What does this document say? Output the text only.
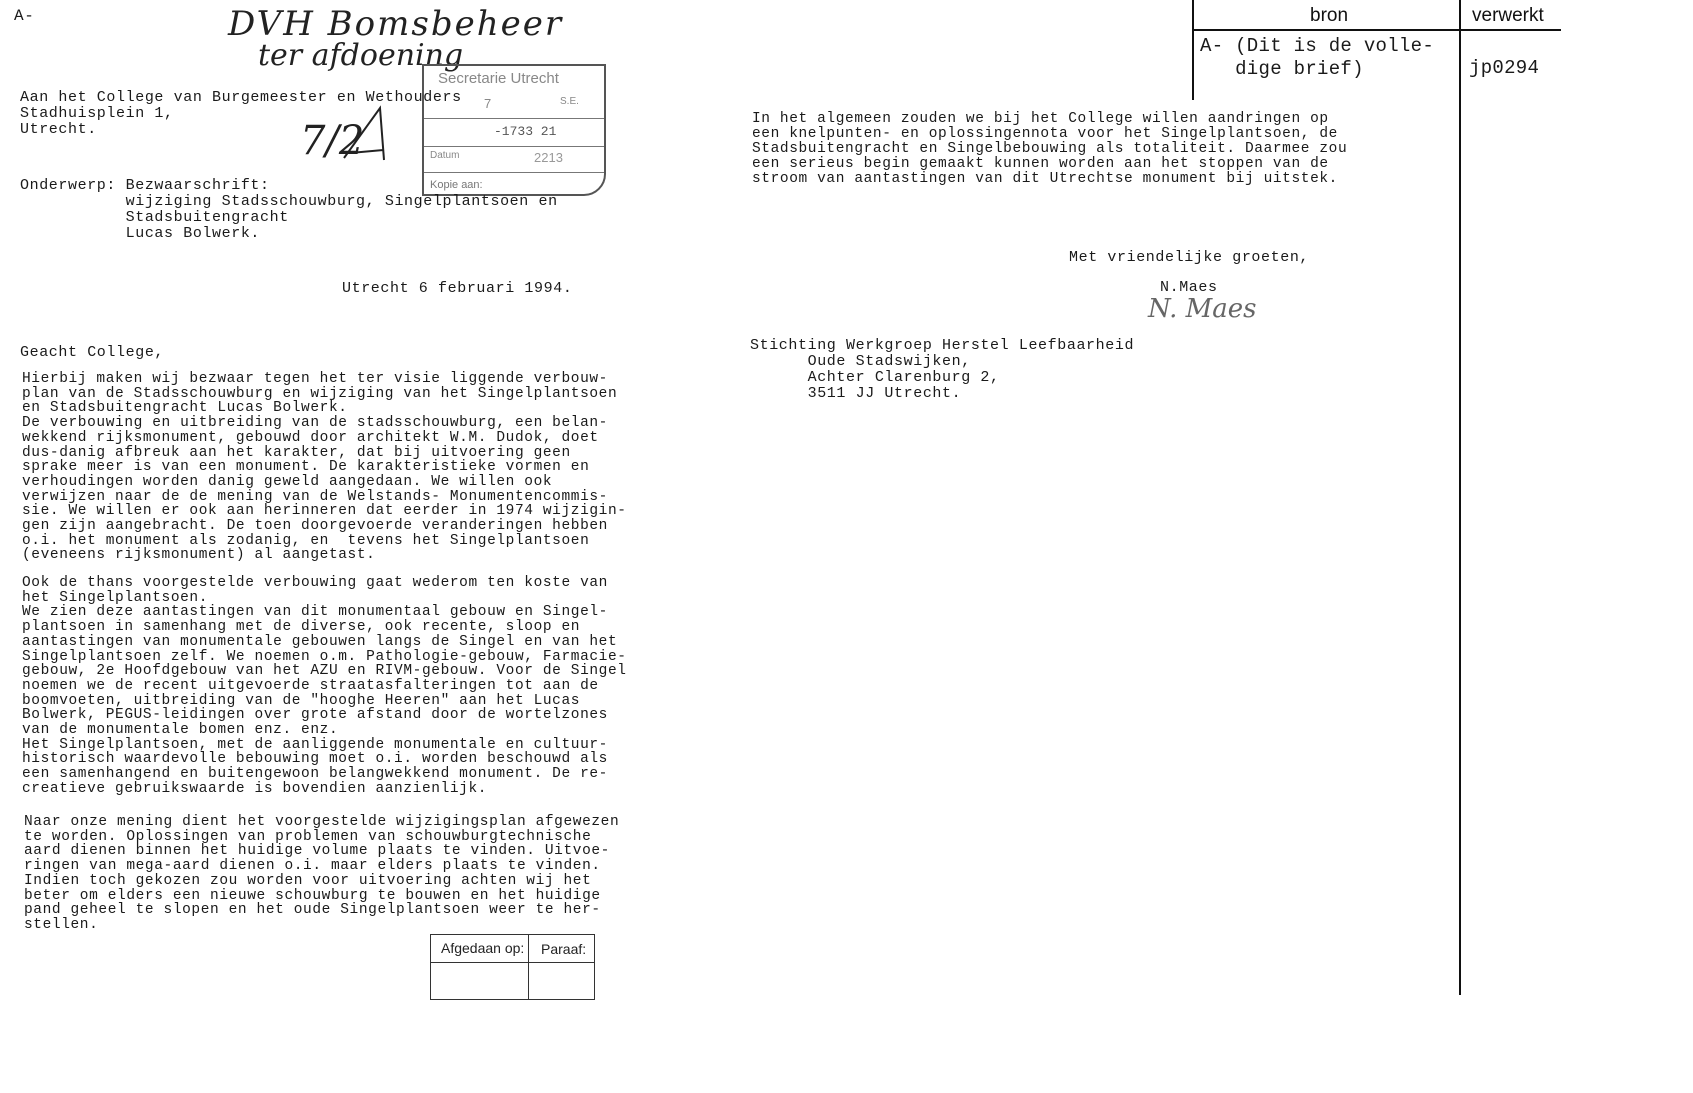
A-	DVH Bomsbeheer
ter afdoening
7/2
Secretarie Utrecht
7	S.E.
-1733 21
Datum	2213
Kopie aan:
Aan het College van Burgemeester en Wethouders
Stadhuisplein 1,
Utrecht.
Onderwerp: Bezwaarschrift:
wijziging Stadsschouwburg, Singelplantsoen en
Stadsbuitengracht
Lucas Bolwerk.
Utrecht 6 februari 1994.
Geacht College,
Hierbij maken wij bezwaar tegen het ter visie liggende verbouw-
plan van de Stadsschouwburg en wijziging van het Singelplantsoen
en Stadsbuitengracht Lucas Bolwerk.
De verbouwing en uitbreiding van de stadsschouwburg, een belan-
wekkend rijksmonument, gebouwd door architekt W.M. Dudok, doet
dus-danig afbreuk aan het karakter, dat bij uitvoering geen
sprake meer is van een monument. De karakteristieke vormen en
verhoudingen worden danig geweld aangedaan. We willen ook
verwijzen naar de de mening van de Welstands- Monumentencommis-
sie. We willen er ook aan herinneren dat eerder in 1974 wijzigin-
gen zijn aangebracht. De toen doorgevoerde veranderingen hebben
o.i. het monument als zodanig, en  tevens het Singelplantsoen
(eveneens rijksmonument) al aangetast.
Ook de thans voorgestelde verbouwing gaat wederom ten koste van
het Singelplantsoen.
We zien deze aantastingen van dit monumentaal gebouw en Singel-
plantsoen in samenhang met de diverse, ook recente, sloop en
aantastingen van monumentale gebouwen langs de Singel en van het
Singelplantsoen zelf. We noemen o.m. Pathologie-gebouw, Farmacie-
gebouw, 2e Hoofdgebouw van het AZU en RIVM-gebouw. Voor de Singel
noemen we de recent uitgevoerde straatasfalteringen tot aan de
boomvoeten, uitbreiding van de "hooghe Heeren" aan het Lucas
Bolwerk, PEGUS-leidingen over grote afstand door de wortelzones
van de monumentale bomen enz. enz.
Het Singelplantsoen, met de aanliggende monumentale en cultuur-
historisch waardevolle bebouwing moet o.i. worden beschouwd als
een samenhangend en buitengewoon belangwekkend monument. De re-
creatieve gebruikswaarde is bovendien aanzienlijk.
Naar onze mening dient het voorgestelde wijzigingsplan afgewezen
te worden. Oplossingen van problemen van schouwburgtechnische
aard dienen binnen het huidige volume plaats te vinden. Uitvoe-
ringen van mega-aard dienen o.i. maar elders plaats te vinden.
Indien toch gekozen zou worden voor uitvoering achten wij het
beter om elders een nieuwe schouwburg te bouwen en het huidige
pand geheel te slopen en het oude Singelplantsoen weer te her-
stellen.
Afgedaan op: Paraaf:
bron	verwerkt
A- (Dit is de volle-
dige brief)	jp0294
In het algemeen zouden we bij het College willen aandringen op
een knelpunten- en oplossingennota voor het Singelplantsoen, de
Stadsbuitengracht en Singelbebouwing als totaliteit. Daarmee zou
een serieus begin gemaakt kunnen worden aan het stoppen van de
stroom van aantastingen van dit Utrechtse monument bij uitstek.
Met vriendelijke groeten,
N.Maes
N. Maes
Stichting Werkgroep Herstel Leefbaarheid
Oude Stadswijken,
Achter Clarenburg 2,
3511 JJ Utrecht.
